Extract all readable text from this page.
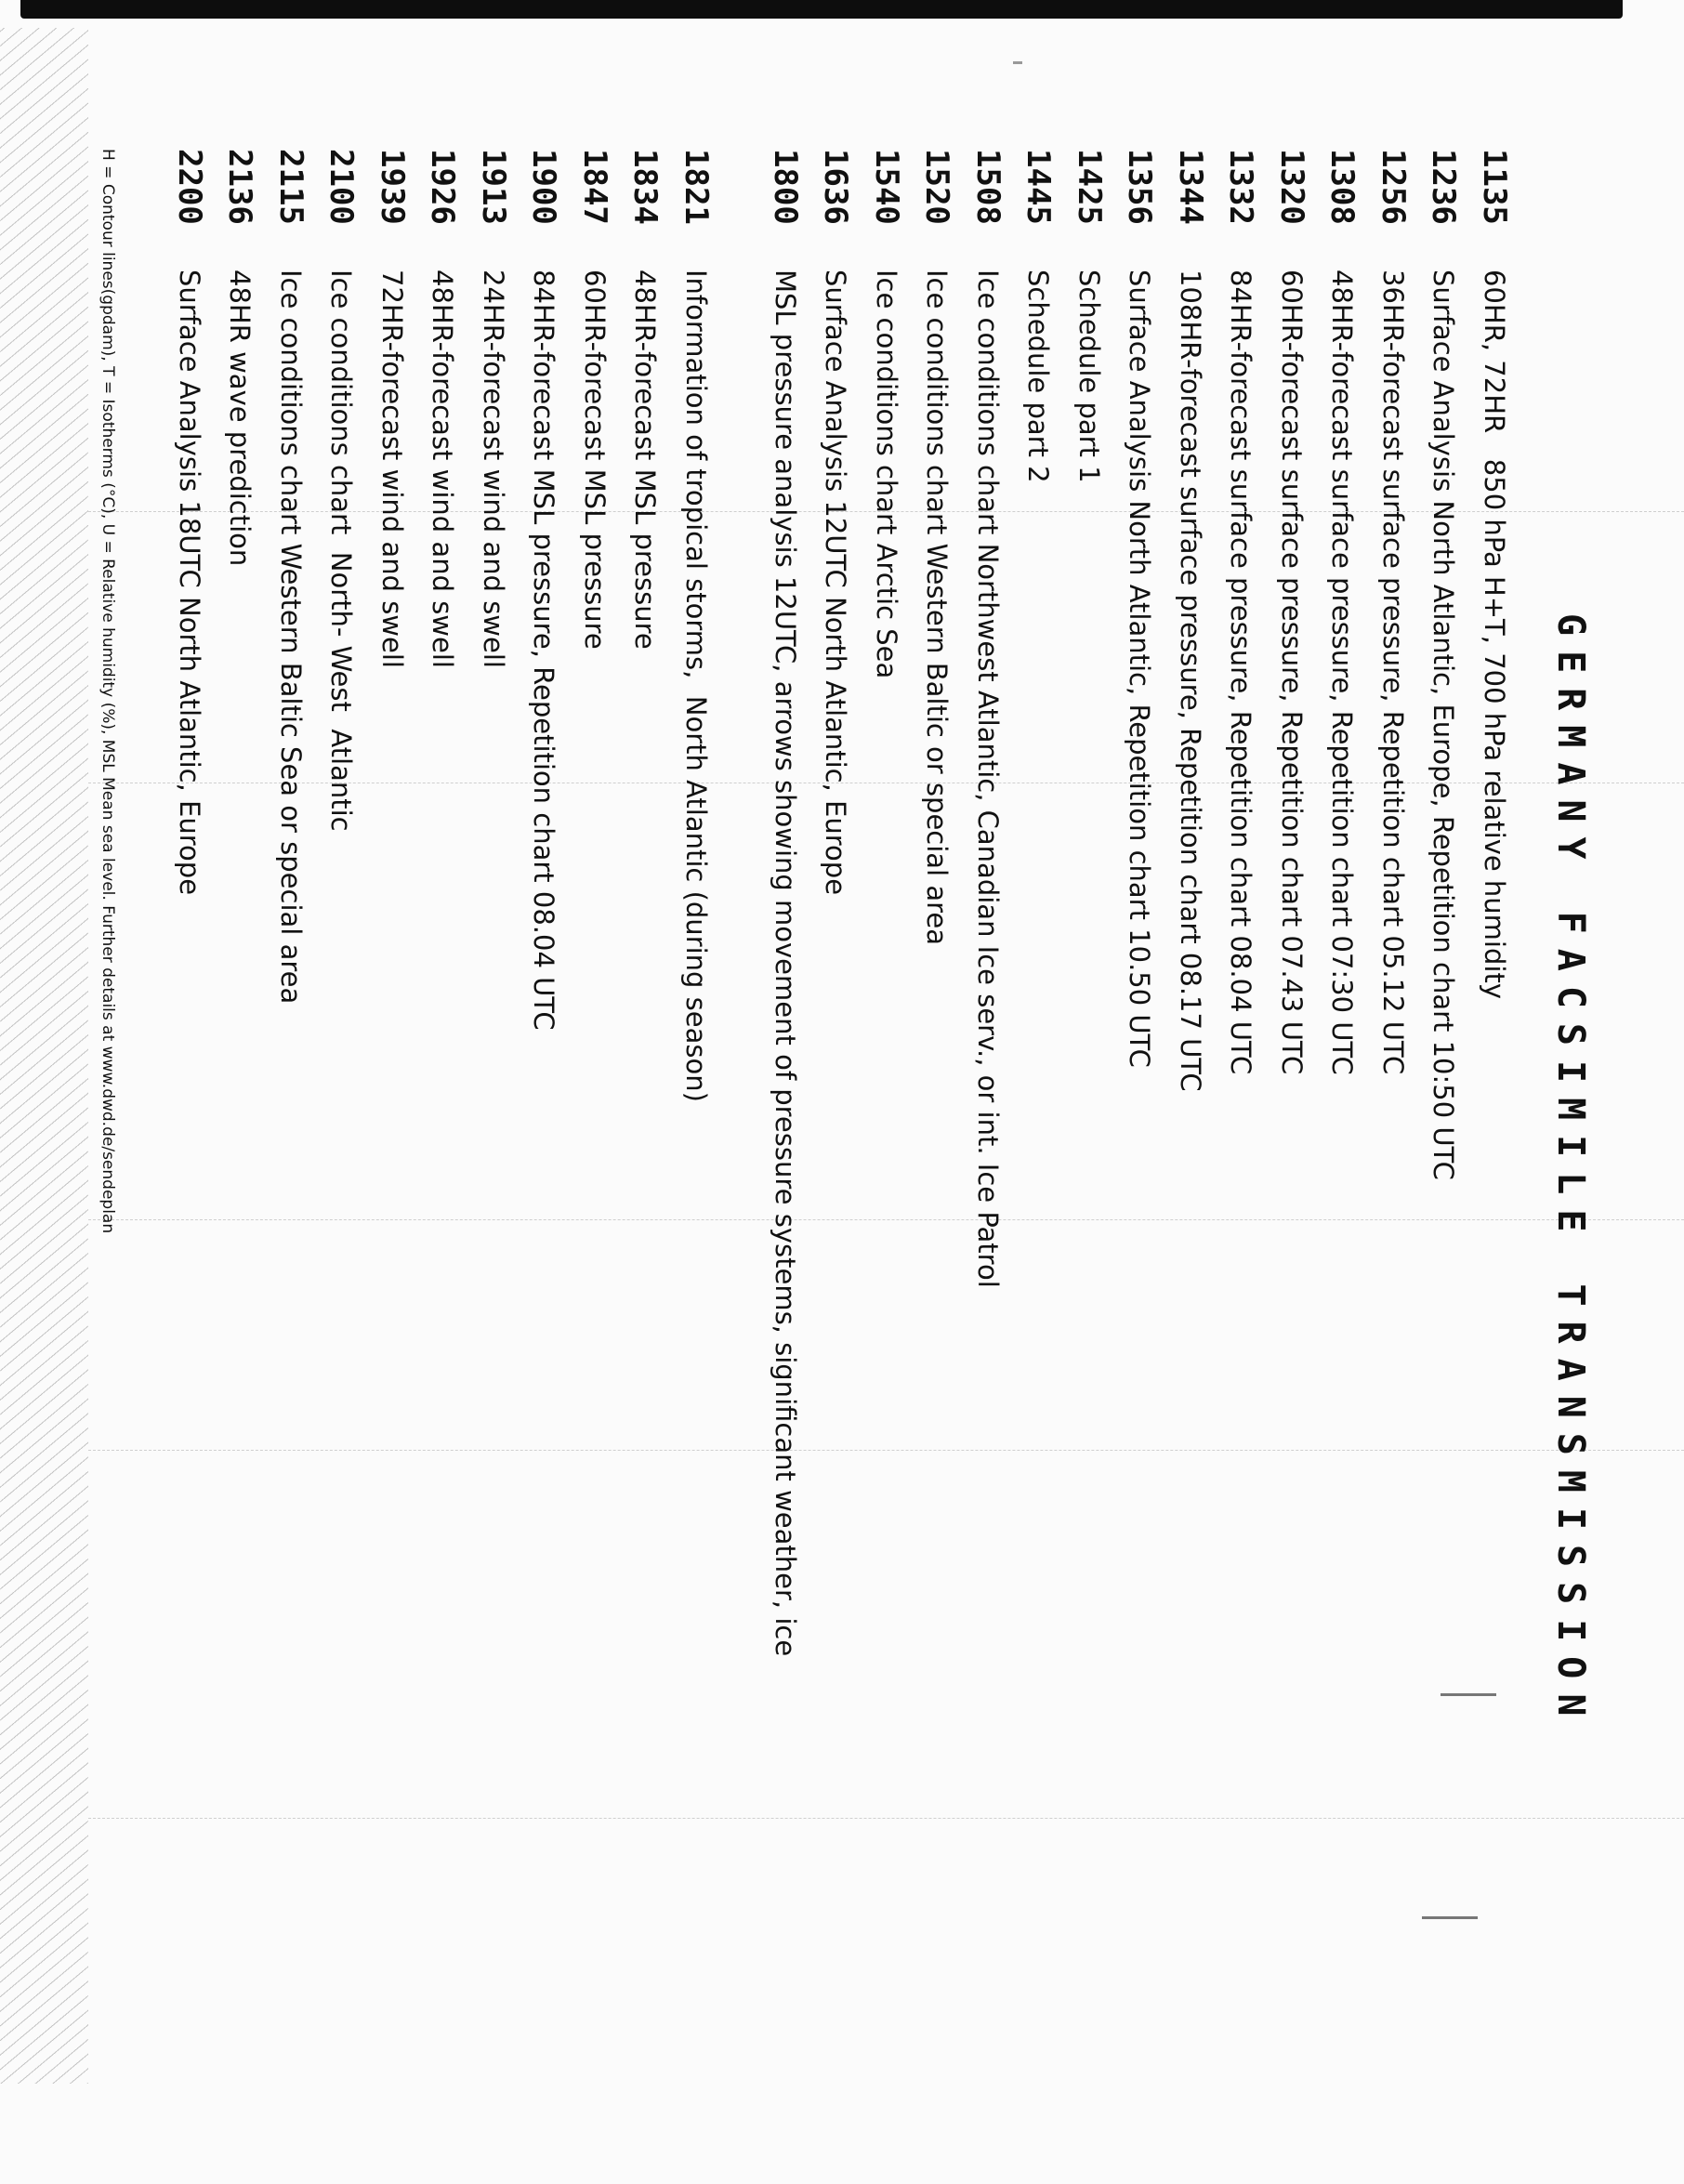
GERMANY FACSIMILE TRANSMISSION
1135
60HR, 72HR   850 hPa H+T, 700 hPa relative humidity
1236
Surface Analysis North Atlantic, Europe, Repetition chart 10:50 UTC
1256
36HR-forecast surface pressure, Repetition chart 05.12 UTC
1308
48HR-forecast surface pressure, Repetition chart 07:30 UTC
1320
60HR-forecast surface pressure, Repetition chart 07.43 UTC
1332
84HR-forecast surface pressure, Repetition chart 08.04 UTC
1344
108HR-forecast surface pressure, Repetition chart 08.17 UTC
1356
Surface Analysis North Atlantic, Repetition chart 10.50 UTC
1425
Schedule part 1
1445
Schedule part 2
1508
Ice conditions chart Northwest Atlantic, Canadian Ice serv., or int. Ice Patrol
1520
Ice conditions chart Western Baltic or special area
1540
Ice conditions chart Arctic Sea
1636
Surface Analysis 12UTC North Atlantic, Europe
1800
MSL pressure analysis 12UTC, arrows showing movement of pressure systems, significant weather, ice
1821
Information of tropical storms,  North Atlantic (during season)
1834
48HR-forecast MSL pressure
1847
60HR-forecast MSL pressure
1900
84HR-forecast MSL pressure, Repetition chart 08.04 UTC
1913
24HR-forecast wind and swell
1926
48HR-forecast wind and swell
1939
72HR-forecast wind and swell
2100
Ice conditions chart  North- West  Atlantic
2115
Ice conditions chart Western Baltic Sea or special area
2136
48HR wave prediction
2200
Surface Analysis 18UTC North Atlantic, Europe
H = Contour lines(gpdam), T = Isotherms (°C), U = Relative humidity (%), MSL Mean sea level. Further details at www.dwd.de/sendeplan
